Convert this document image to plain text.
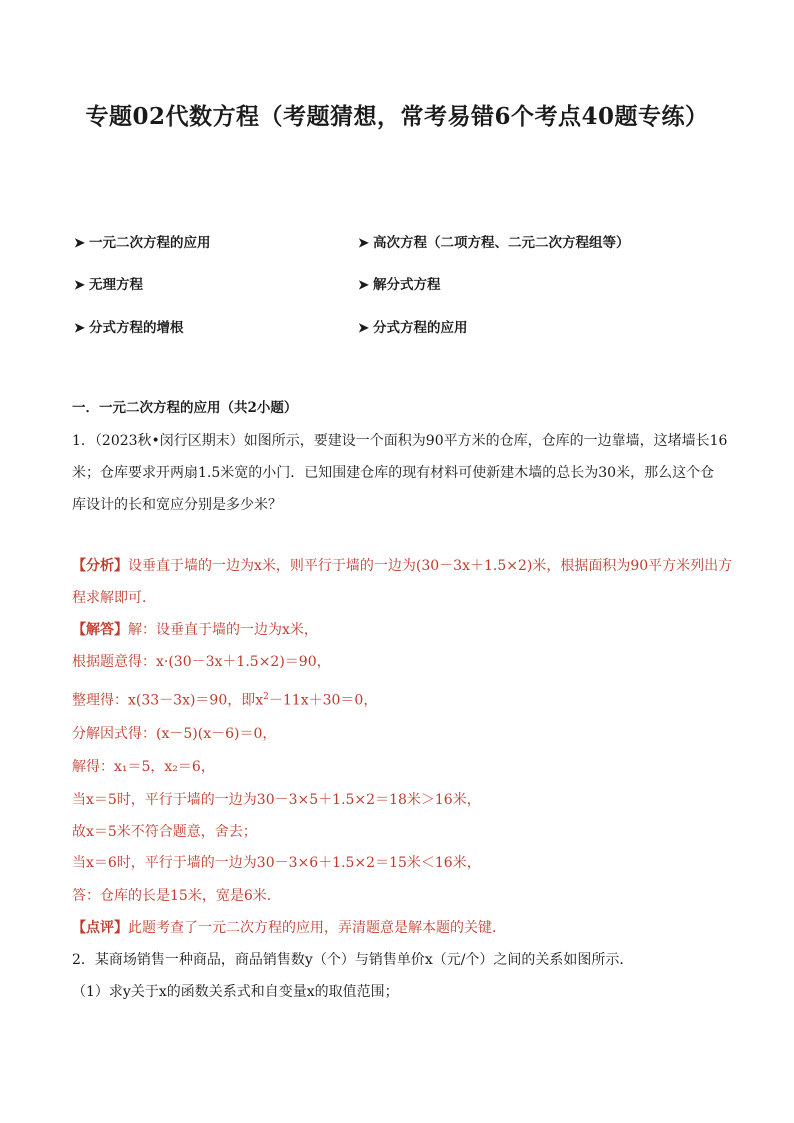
专题02代数方程（考题猜想，常考易错6个考点40题专练）
➤ 一元二次方程的应用	➤ 高次方程（二项方程、二元二次方程组等）
➤ 无理方程	➤ 解分式方程
➤ 分式方程的增根	➤ 分式方程的应用
一．一元二次方程的应用（共2小题）
1．（2023秋•闵行区期末）如图所示，要建设一个面积为90平方米的仓库，仓库的一边靠墙，这堵墙长16
米；仓库要求开两扇1.5米宽的小门．已知围建仓库的现有材料可使新建木墙的总长为30米，那么这个仓
库设计的长和宽应分别是多少米？
【分析】设垂直于墙的一边为x米，则平行于墙的一边为(30－3x＋1.5×2)米，根据面积为90平方米列出方
程求解即可．
【解答】解：设垂直于墙的一边为x米，
根据题意得：x·(30－3x＋1.5×2)＝90，
整理得：x(33－3x)＝90，即$x^2-11x+30=0$，
分解因式得：(x－5)(x－6)＝0，
解得：x₁＝5，x₂＝6，
当x＝5时，平行于墙的一边为30－3×5＋1.5×2＝18米＞16米，
故x＝5米不符合题意，舍去；
当x＝6时，平行于墙的一边为30－3×6＋1.5×2＝15米＜16米，
答：仓库的长是15米，宽是6米．
【点评】此题考查了一元二次方程的应用，弄清题意是解本题的关键．
2．某商场销售一种商品，商品销售数y（个）与销售单价x（元/个）之间的关系如图所示．
（1）求y关于x的函数关系式和自变量x的取值范围；
